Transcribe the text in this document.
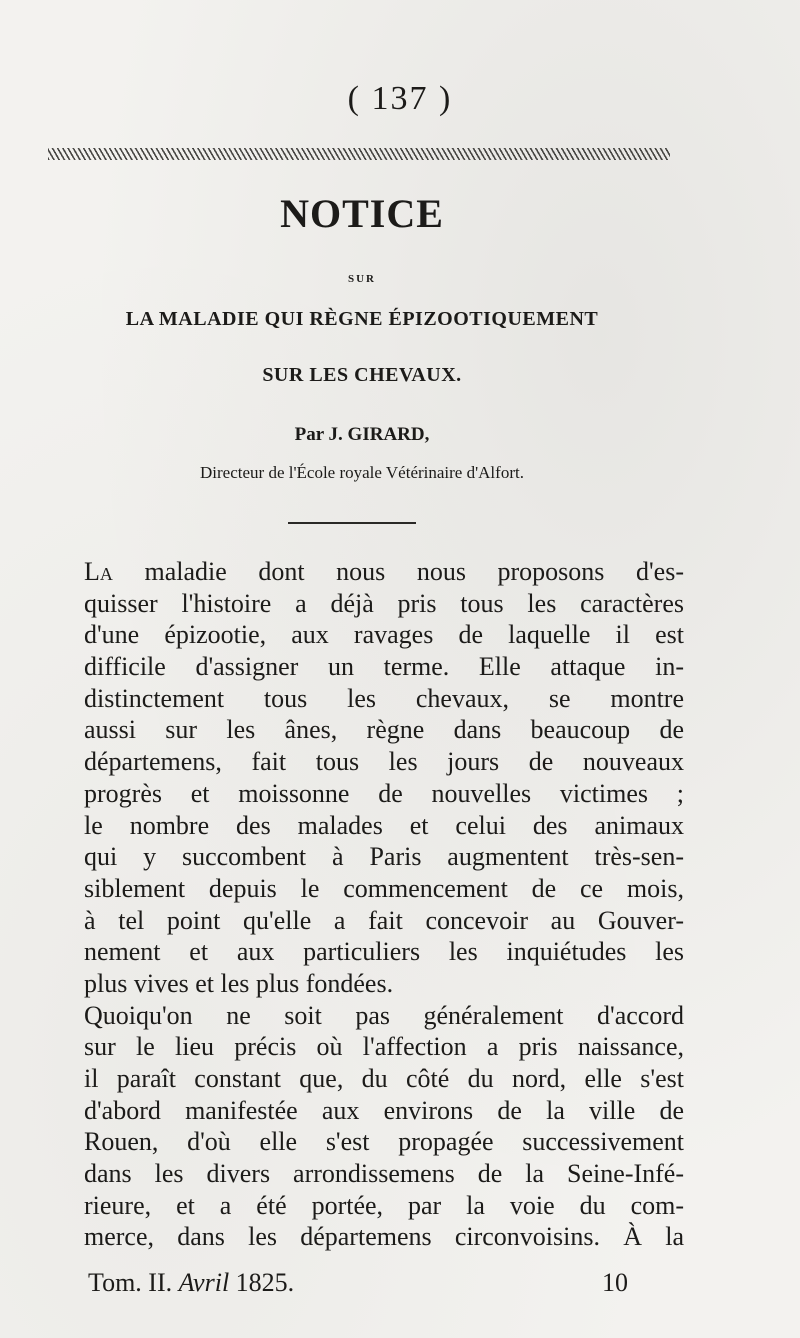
( 137 )
NOTICE
SUR
LA MALADIE QUI RÈGNE ÉPIZOOTIQUEMENT
SUR LES CHEVAUX.
Par J. GIRARD,
Directeur de l'École royale Vétérinaire d'Alfort.
La maladie dont nous nous proposons d'es-
quisser l'histoire a déjà pris tous les caractères
d'une épizootie, aux ravages de laquelle il est
difficile d'assigner un terme. Elle attaque in-
distinctement tous les chevaux, se montre
aussi sur les ânes, règne dans beaucoup de
départemens, fait tous les jours de nouveaux
progrès et moissonne de nouvelles victimes ;
le nombre des malades et celui des animaux
qui y succombent à Paris augmentent très-sen-
siblement depuis le commencement de ce mois,
à tel point qu'elle a fait concevoir au Gouver-
nement et aux particuliers les inquiétudes les
plus vives et les plus fondées.
Quoiqu'on ne soit pas généralement d'accord
sur le lieu précis où l'affection a pris naissance,
il paraît constant que, du côté du nord, elle s'est
d'abord manifestée aux environs de la ville de
Rouen, d'où elle s'est propagée successivement
dans les divers arrondissemens de la Seine-Infé-
rieure, et a été portée, par la voie du com-
merce, dans les départemens circonvoisins. À la
Tom. II. Avril 1825.	10
